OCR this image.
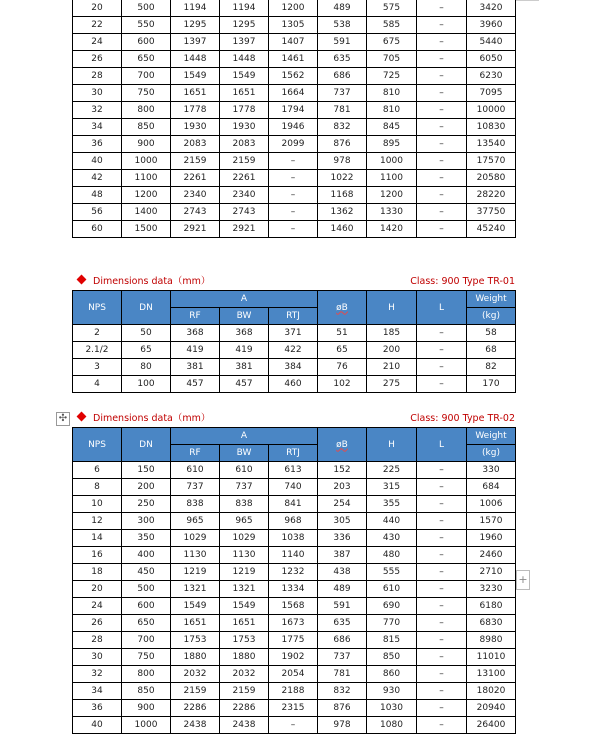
20	500	1194	1194	1200	489	575	–	3420
22	550	1295	1295	1305	538	585	–	3960
24	600	1397	1397	1407	591	675	–	5440
26	650	1448	1448	1461	635	705	–	6050
28	700	1549	1549	1562	686	725	–	6230
30	750	1651	1651	1664	737	810	–	7095
32	800	1778	1778	1794	781	810	–	10000
34	850	1930	1930	1946	832	845	–	10830
36	900	2083	2083	2099	876	895	–	13540
40	1000	2159	2159	–	978	1000	–	17570
42	1100	2261	2261	–	1022	1100	–	20580
48	1200	2340	2340	–	1168	1200	–	28220
56	1400	2743	2743	–	1362	1330	–	37750
60	1500	2921	2921	–	1460	1420	–	45240
Dimensions data（mm）	Class: 900 Type TR-01
NPS	DN	A			øB	H	L	Weight
		RF	BW	RTJ				(kg)
2	50	368	368	371	51	185	–	58
2.1/2	65	419	419	422	65	200	–	68
3	80	381	381	384	76	210	–	82
4	100	457	457	460	102	275	–	170
✣	Dimensions data（mm）	Class: 900 Type TR-02
NPS	DN	A			øB	H	L	Weight
		RF	BW	RTJ				(kg)
6	150	610	610	613	152	225	–	330
8	200	737	737	740	203	315	–	684
10	250	838	838	841	254	355	–	1006
12	300	965	965	968	305	440	–	1570
14	350	1029	1029	1038	336	430	–	1960
16	400	1130	1130	1140	387	480	–	2460
18	450	1219	1219	1232	438	555	–	2710
20	500	1321	1321	1334	489	610	–	3230
24	600	1549	1549	1568	591	690	–	6180
26	650	1651	1651	1673	635	770	–	6830
28	700	1753	1753	1775	686	815	–	8980
30	750	1880	1880	1902	737	850	–	11010
32	800	2032	2032	2054	781	860	–	13100
34	850	2159	2159	2188	832	930	–	18020
36	900	2286	2286	2315	876	1030	–	20940
40	1000	2438	2438	–	978	1080	–	26400
+
